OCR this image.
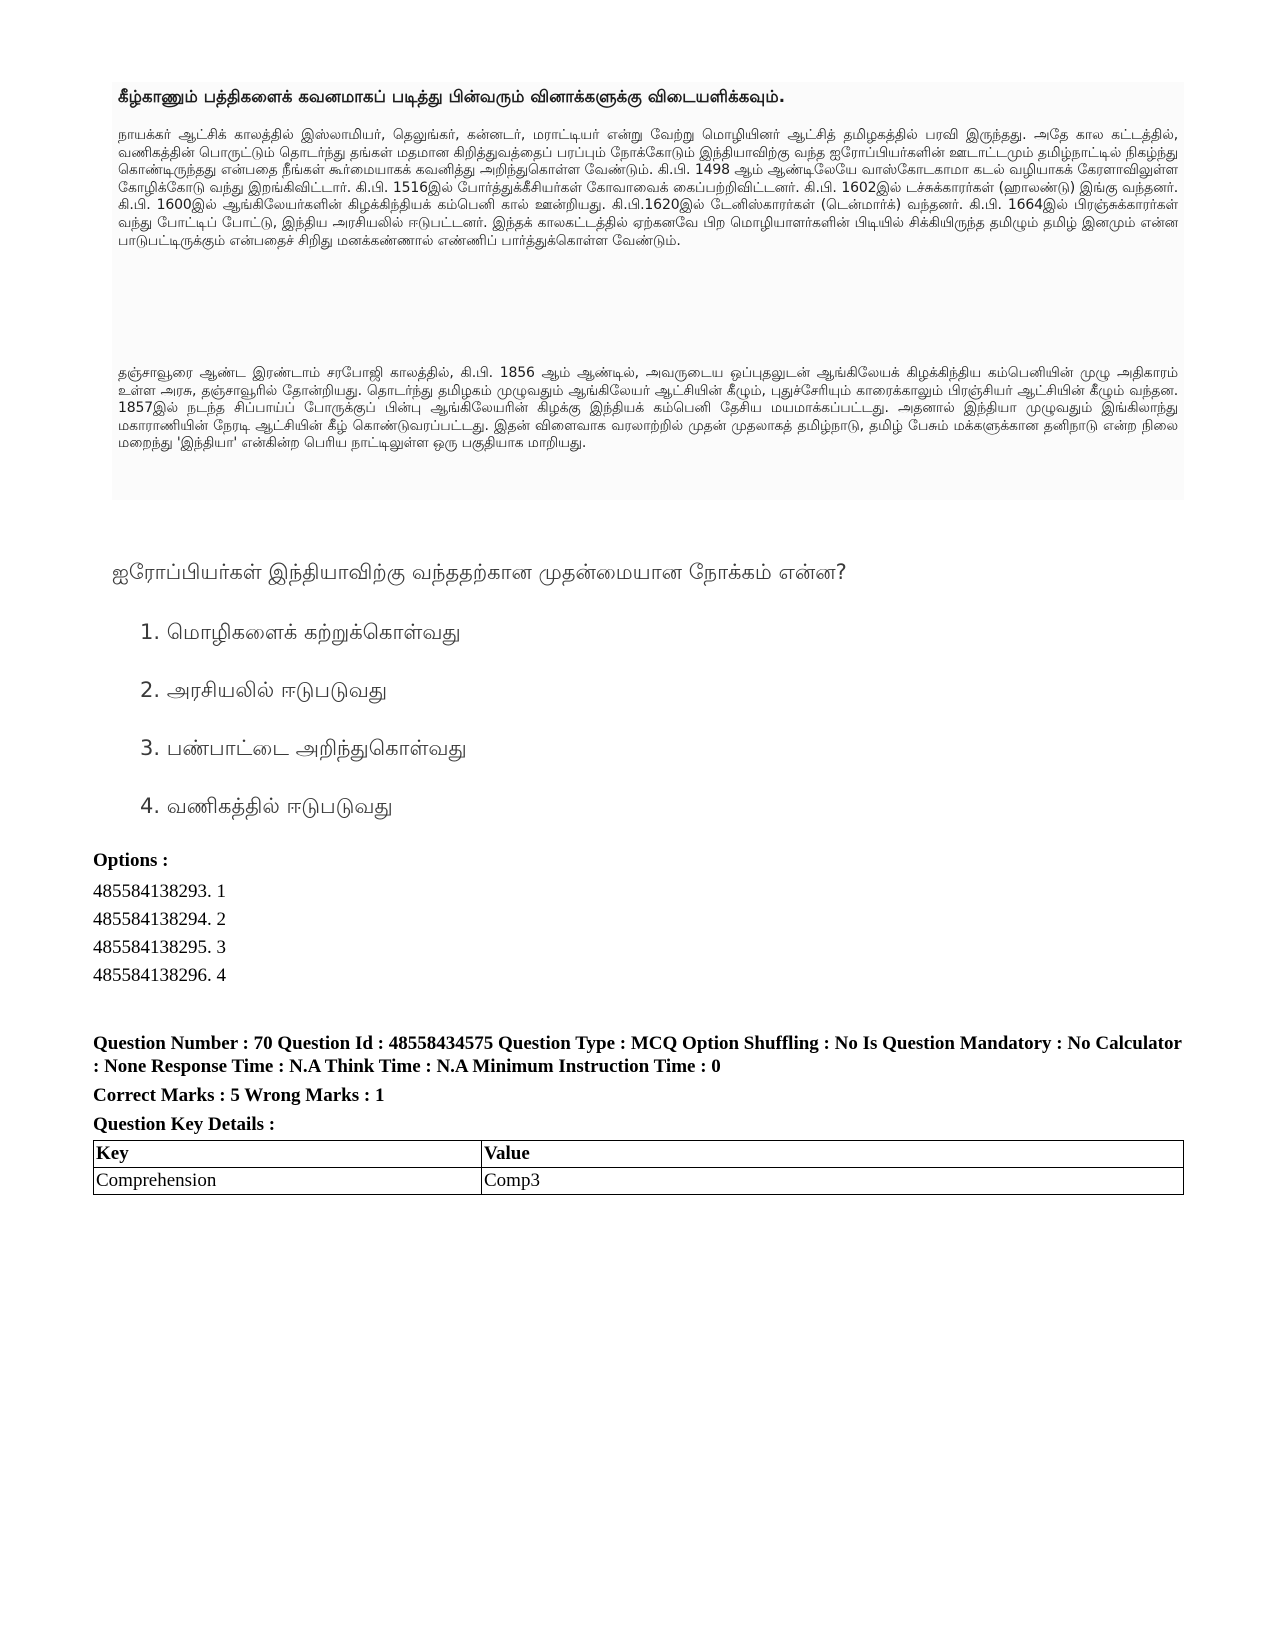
கீழ்காணும் பத்திகளைக் கவனமாகப் படித்து பின்வரும் வினாக்களுக்கு விடையளிக்கவும்.

நாயக்கர் ஆட்சிக் காலத்தில் இஸ்லாமியர், தெலுங்கர், கன்னடர், மராட்டியர் என்று வேற்று மொழியினர் ஆட்சித் தமிழகத்தில் பரவி இருந்தது. அதே கால கட்டத்தில், வணிகத்தின் பொருட்டும் தொடர்ந்து தங்கள் மதமான கிறித்துவத்தைப் பரப்பும் நோக்கோடும் இந்தியாவிற்கு வந்த ஐரோப்பியர்களின் ஊடாட்டமும் தமிழ்நாட்டில் நிகழ்ந்து கொண்டிருந்தது என்பதை நீங்கள் கூர்மையாகக் கவனித்து அறிந்துகொள்ள வேண்டும். கி.பி. 1498 ஆம் ஆண்டிலேயே வாஸ்கோடகாமா கடல் வழியாகக் கேரளாவிலுள்ள கோழிக்கோடு வந்து இறங்கிவிட்டார். கி.பி. 1516இல் போர்த்துக்கீசியர்கள் கோவாவைக் கைப்பற்றிவிட்டனர். கி.பி. 1602இல் டச்சுக்காரர்கள் (ஹாலண்டு) இங்கு வந்தனர். கி.பி. 1600இல் ஆங்கிலேயர்களின் கிழக்கிந்தியக் கம்பெனி கால் ஊன்றியது. கி.பி.1620இல் டேனிஸ்காரர்கள் (டென்மார்க்) வந்தனர். கி.பி. 1664இல் பிரஞ்சுக்காரர்கள் வந்து போட்டிப் போட்டு, இந்திய அரசியலில் ஈடுபட்டனர். இந்தக் காலகட்டத்தில் ஏற்கனவே பிற மொழியாளர்களின் பிடியில் சிக்கியிருந்த தமிழும் தமிழ் இனமும் என்ன பாடுபட்டிருக்கும் என்பதைச் சிறிது மனக்கண்ணால் எண்ணிப் பார்த்துக்கொள்ள வேண்டும்.

தஞ்சாவூரை ஆண்ட இரண்டாம் சரபோஜி காலத்தில், கி.பி. 1856 ஆம் ஆண்டில், அவருடைய ஒப்புதலுடன் ஆங்கிலேயக் கிழக்கிந்திய கம்பெனியின் முழு அதிகாரம் உள்ள அரசு, தஞ்சாவூரில் தோன்றியது. தொடர்ந்து தமிழகம் முழுவதும் ஆங்கிலேயர் ஆட்சியின் கீழும், புதுச்சேரியும் காரைக்காலும் பிரஞ்சியர் ஆட்சியின் கீழும் வந்தன. 1857இல் நடந்த சிப்பாய்ப் போருக்குப் பின்பு ஆங்கிலேயரின் கிழக்கு இந்தியக் கம்பெனி தேசிய மயமாக்கப்பட்டது. அதனால் இந்தியா முழுவதும் இங்கிலாந்து மகாராணியின் நேரடி ஆட்சியின் கீழ் கொண்டுவரப்பட்டது. இதன் விளைவாக வரலாற்றில் முதன் முதலாகத் தமிழ்நாடு, தமிழ் பேசும் மக்களுக்கான தனிநாடு என்ற நிலை மறைந்து 'இந்தியா' என்கின்ற பெரிய நாட்டிலுள்ள ஒரு பகுதியாக மாறியது.

ஐரோப்பியர்கள் இந்தியாவிற்கு வந்ததற்கான முதன்மையான நோக்கம் என்ன?

1. மொழிகளைக் கற்றுக்கொள்வது
2. அரசியலில் ஈடுபடுவது
3. பண்பாட்டை அறிந்துகொள்வது
4. வணிகத்தில் ஈடுபடுவது

Options :

485584138293. 1
485584138294. 2
485584138295. 3
485584138296. 4

Question Number : 70 Question Id : 48558434575 Question Type : MCQ Option Shuffling : No Is Question Mandatory : No Calculator : None Response Time : N.A Think Time : N.A Minimum Instruction Time : 0

Correct Marks : 5 Wrong Marks : 1

Question Key Details :

Key	Value
Comprehension	Comp3
